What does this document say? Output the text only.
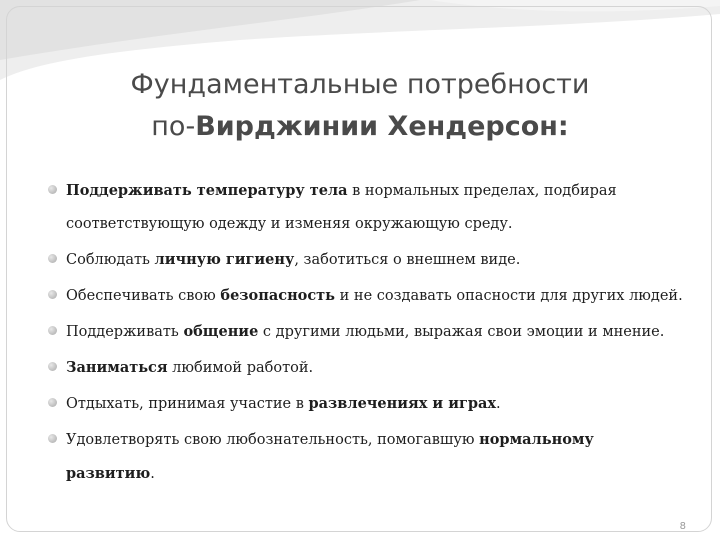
Фундаментальные потребности
по-Вирджинии Хендерсон:
Поддерживать температуру тела в нормальных пределах, подбирая соответствующую одежду и изменяя окружающую среду.
Соблюдать личную гигиену, заботиться о внешнем виде.
Обеспечивать свою безопасность и не создавать опасности для других людей.
Поддерживать общение с другими людьми, выражая свои эмоции и мнение.
Заниматься любимой работой.
Отдыхать, принимая участие в развлечениях и играх.
Удовлетворять свою любознательность, помогавшую нормальному развитию.
8
